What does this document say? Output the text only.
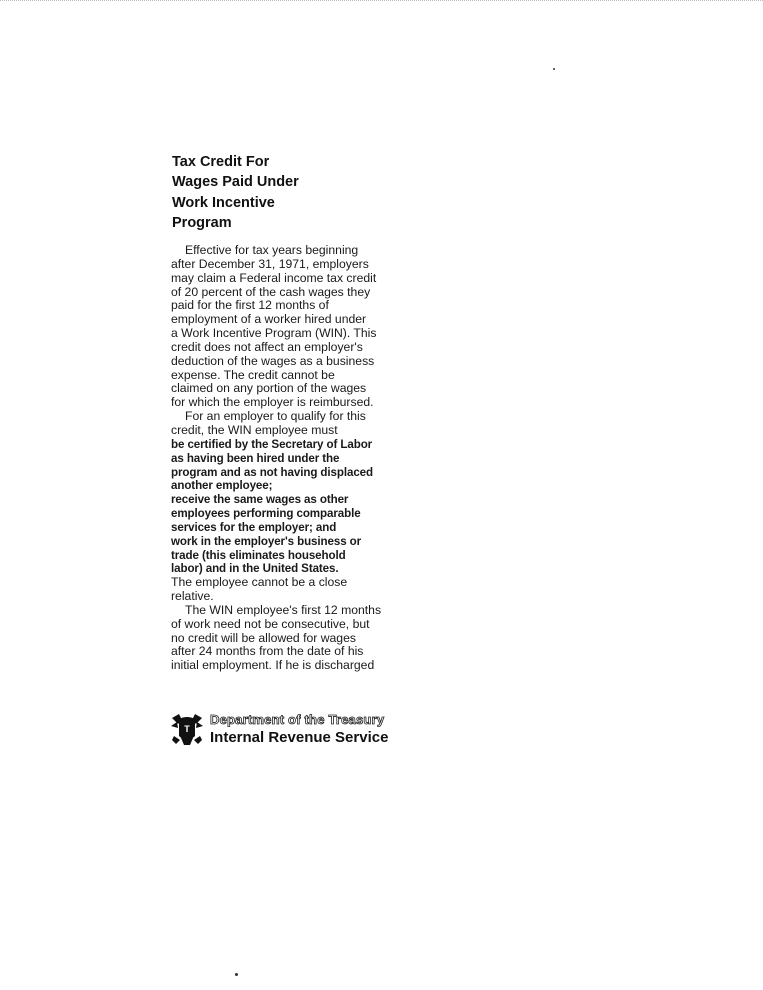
Tax Credit For
Wages Paid Under
Work Incentive
Program
Effective for tax years beginning
after December 31, 1971, employers
may claim a Federal income tax credit
of 20 percent of the cash wages they
paid for the first 12 months of
employment of a worker hired under
a Work Incentive Program (WIN). This
credit does not affect an employer's
deduction of the wages as a business
expense. The credit cannot be
claimed on any portion of the wages
for which the employer is reimbursed.
For an employer to qualify for this
credit, the WIN employee must
be certified by the Secretary of Labor
as having been hired under the
program and as not having displaced
another employee;
receive the same wages as other
employees performing comparable
services for the employer; and
work in the employer's business or
trade (this eliminates household
labor) and in the United States.
The employee cannot be a close
relative.
The WIN employee's first 12 months
of work need not be consecutive, but
no credit will be allowed for wages
after 24 months from the date of his
initial employment. If he is discharged
T
Department of the Treasury
Internal Revenue Service
